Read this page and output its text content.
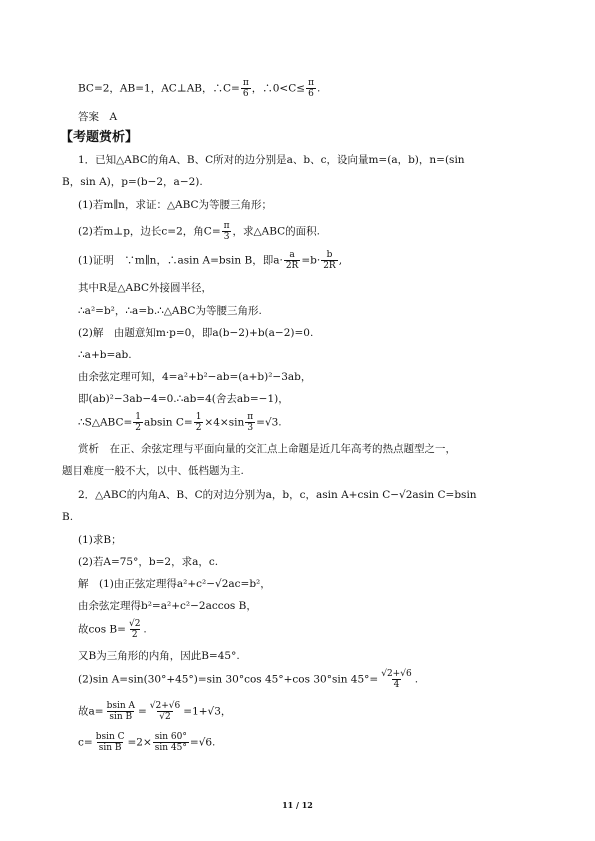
BC=2，AB=1，AC⊥AB，∴C= $\frac{\pi}{6}$ ，∴0<C≤ $\frac{\pi}{6}$ .
答案　A
【考题赏析】
1．已知△ABC的角A、B、C所对的边分别是a、b、c，设向量m=(a，b)，n=(sin
B，sin A)，p=(b−2，a−2).
(1)若m∥n，求证：△ABC为等腰三角形；
(2)若m⊥p，边长c=2，角$C= \frac{\pi}{3}$ ，求△ABC的面积.
(1)证明　∵m∥n，∴asin A=bsin B，即$a\cdot \frac{a}{2R} =b\cdot \frac{b}{2R}$ ,
其中R是△ABC外接圆半径，
∴a²=b²，∴a=b.∴△ABC为等腰三角形.
(2)解　由题意知m·p=0，即a(b−2)+b(a−2)=0.
∴a+b=ab.
由余弦定理可知，4=a²+b²−ab=(a+b)²−3ab，
即(ab)²−3ab−4=0.∴ab=4(舍去ab=−1)，
∴S△ABC= $\frac{1}{2}$ absin $C= \frac{1}{2} \times 4\times\sin \frac{\pi}{3} =√3$.
赏析　在正、余弦定理与平面向量的交汇点上命题是近几年高考的热点题型之一，
题目难度一般不大，以中、低档题为主.
2．△ABC的内角A、B、C的对边分别为a，b，c，asin A+csin C−√2asin C=bsin
B.
(1)求B；
(2)若A=75°，b=2，求a，c.
解　(1)由正弦定理得a²+c²−√2ac=b²，
由余弦定理得b²=a²+c²−2accos B，
故$\cos B= \frac{√2}{2}$ .
又B为三角形的内角，因此B=45°.
(2)sin A=sin(30°+45°)=sin 30°cos 45°+cos 30°sin $45^\circ= \frac{√2+√6}{4}$ .
故$a= \frac{\text{bsin A}}{\text{sin B}} = \frac{√2+√6}{√2} =1+√3$，
$c= \frac{\text{bsin C}}{\text{sin B}} =2\times \frac{\sin 60^\circ}{\sin 45^\circ} =√6$.
11 / 12
